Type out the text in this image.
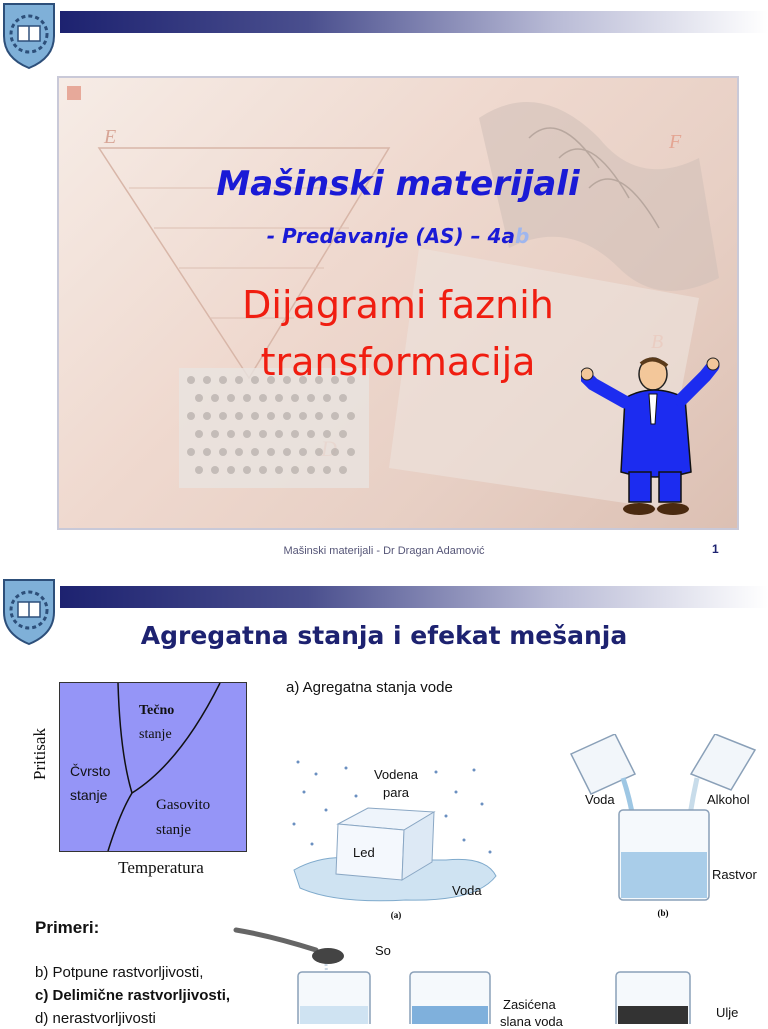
E	F
Mašinski materijali
- Predavanje (AS) – 4ab
Dijagrami faznih
transformacija
Mašinski materijali - Dr Dragan Adamović	1
Agregatna stanja i efekat mešanja
Tečno
stanje
Čvrsto
stanje
Gasovito
stanje
Pritisak
Temperatura
a) Agregatna stanja vode
(a)
Vodena
para
Led
Voda
(b)
Voda	Alkohol
Rastvor
Primeri:
b) Potpune rastvorljivosti,
c) Delimične rastvorljivosti,
d) nerastvorljivosti
So
Zasićena
slana voda
Ulje
